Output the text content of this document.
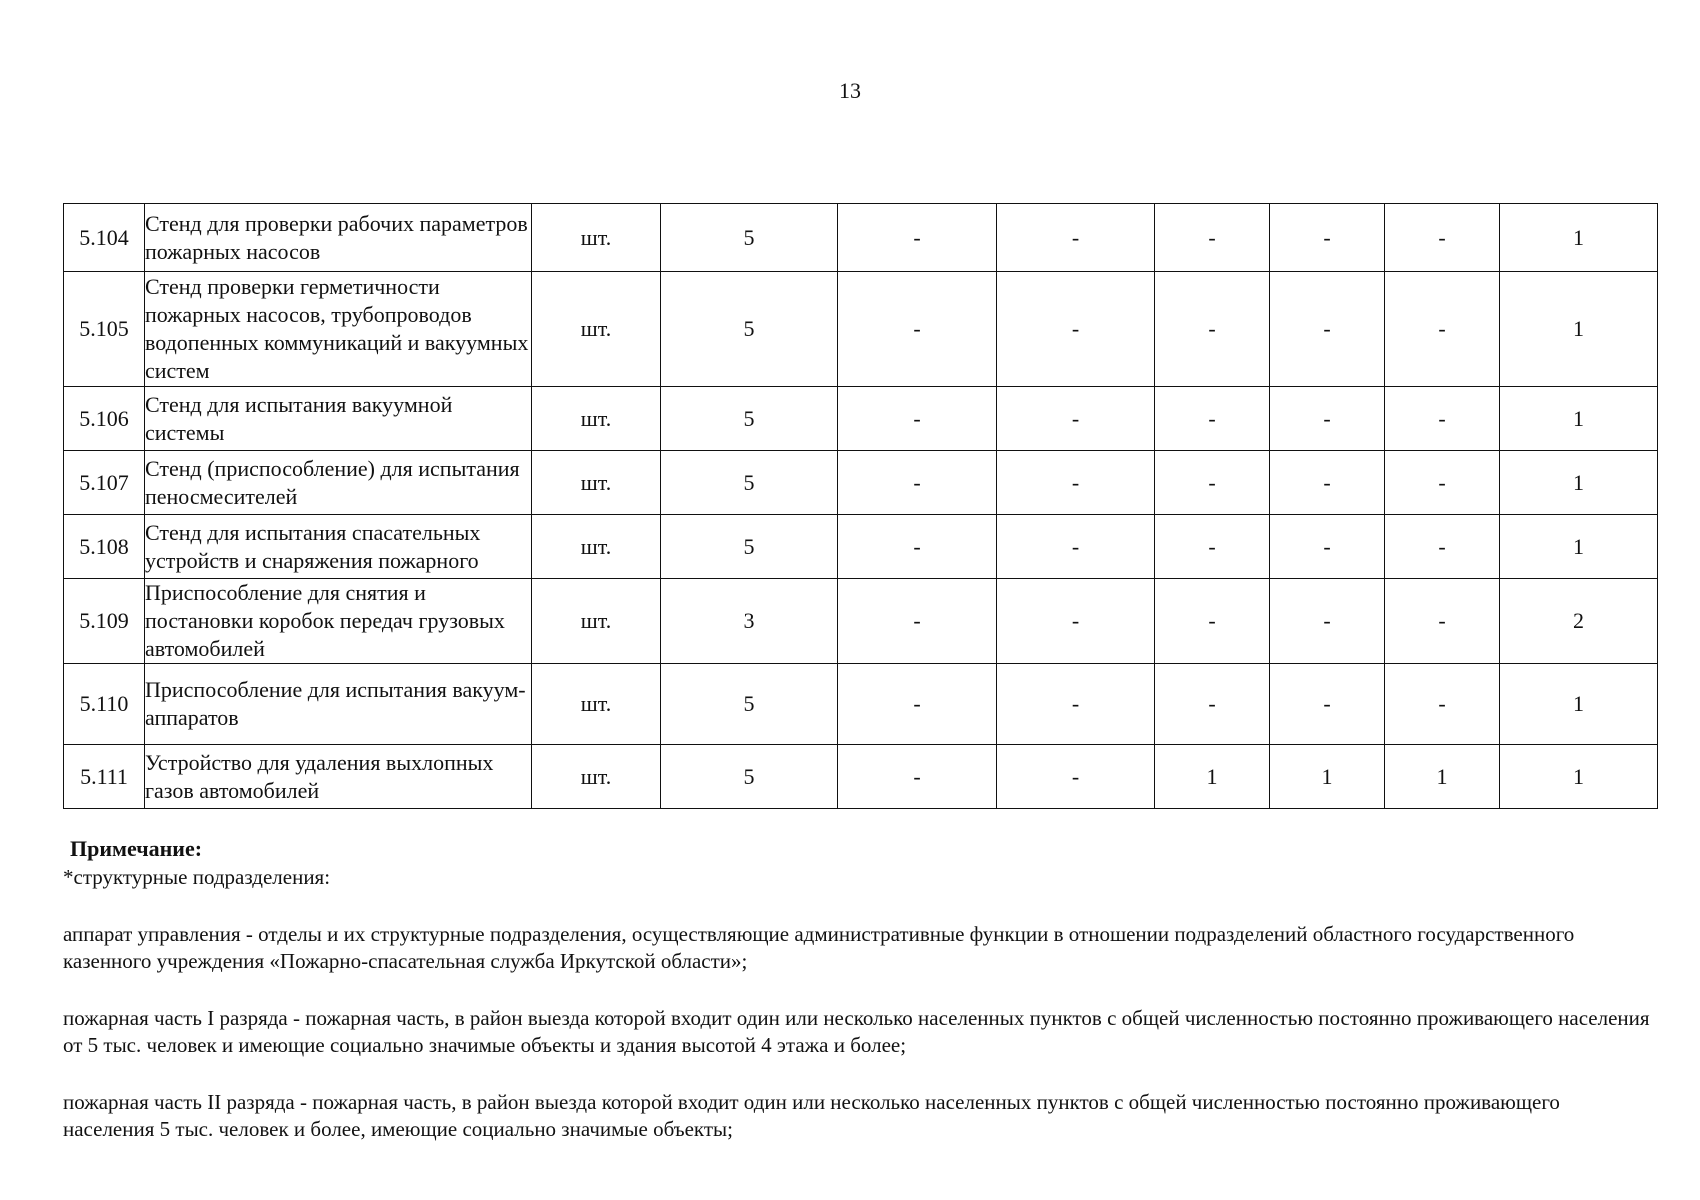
13
5.104	Стенд для проверки рабочих параметров пожарных насосов	шт.	5	-	-	-	-	-	1
5.105	Стенд проверки герметичности пожарных насосов, трубопроводов водопенных коммуникаций и вакуумных систем	шт.	5	-	-	-	-	-	1
5.106	Стенд для испытания вакуумной системы	шт.	5	-	-	-	-	-	1
5.107	Стенд (приспособление) для испытания пеносмесителей	шт.	5	-	-	-	-	-	1
5.108	Стенд для испытания спасательных устройств и снаряжения пожарного	шт.	5	-	-	-	-	-	1
5.109	Приспособление для снятия и постановки коробок передач грузовых автомобилей	шт.	3	-	-	-	-	-	2
5.110	Приспособление для испытания вакуум-аппаратов	шт.	5	-	-	-	-	-	1
5.111	Устройство для удаления выхлопных газов автомобилей	шт.	5	-	-	1	1	1	1
Примечание:
*структурные подразделения:
аппарат управления - отделы и их структурные подразделения, осуществляющие административные функции в отношении подразделений областного государственного казенного учреждения «Пожарно-спасательная служба Иркутской области»;
пожарная часть I разряда - пожарная часть, в район выезда которой входит один или несколько населенных пунктов с общей численностью постоянно проживающего населения от 5 тыс. человек и имеющие социально значимые объекты и здания высотой 4 этажа и более;
пожарная часть II разряда - пожарная часть, в район выезда которой входит один или несколько населенных пунктов с общей численностью постоянно проживающего населения 5 тыс. человек и более, имеющие социально значимые объекты;
